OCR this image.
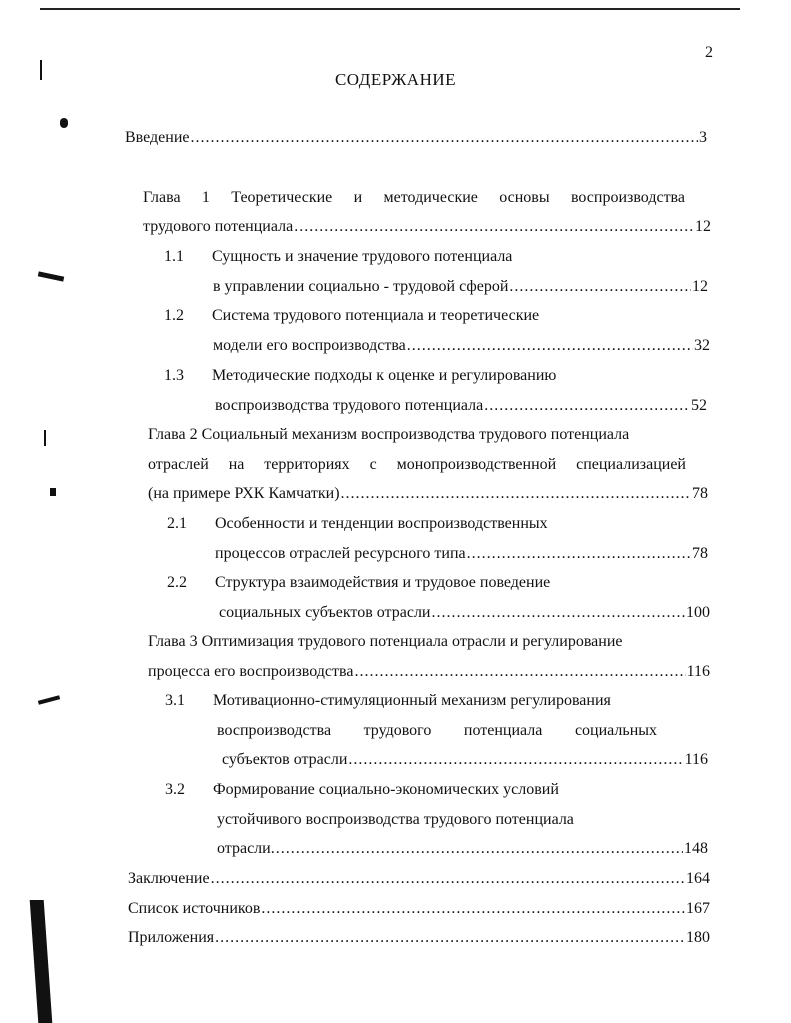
2
СОДЕРЖАНИЕ
Введение .....	3
Глава 1 Теоретические и методические основы воспроизводства
трудового потенциала .....	12
1.1 Сущность и значение трудового потенциала
в управлении социально - трудовой сферой .....	12
1.2 Система трудового потенциала и теоретические
модели его воспроизводства .....	32
1.3 Методические подходы к оценке и регулированию
воспроизводства трудового потенциала .....	52
Глава 2 Социальный механизм воспроизводства трудового потенциала
отраслей на территориях с монопроизводственной специализацией
(на примере РХК Камчатки) .....	78
2.1 Особенности и тенденции воспроизводственных
процессов отраслей ресурсного типа .....	78
2.2 Структура взаимодействия и трудовое поведение
социальных субъектов отрасли .....	100
Глава 3 Оптимизация трудового потенциала отрасли и регулирование
процесса его воспроизводства .....	116
3.1 Мотивационно-стимуляционный механизм регулирования
воспроизводства трудового потенциала социальных
субъектов отрасли .....	116
3.2 Формирование социально-экономических условий
устойчивого воспроизводства трудового потенциала
отрасли. .....	148
Заключение .....	164
Список источников .....	167
Приложения .....	180
